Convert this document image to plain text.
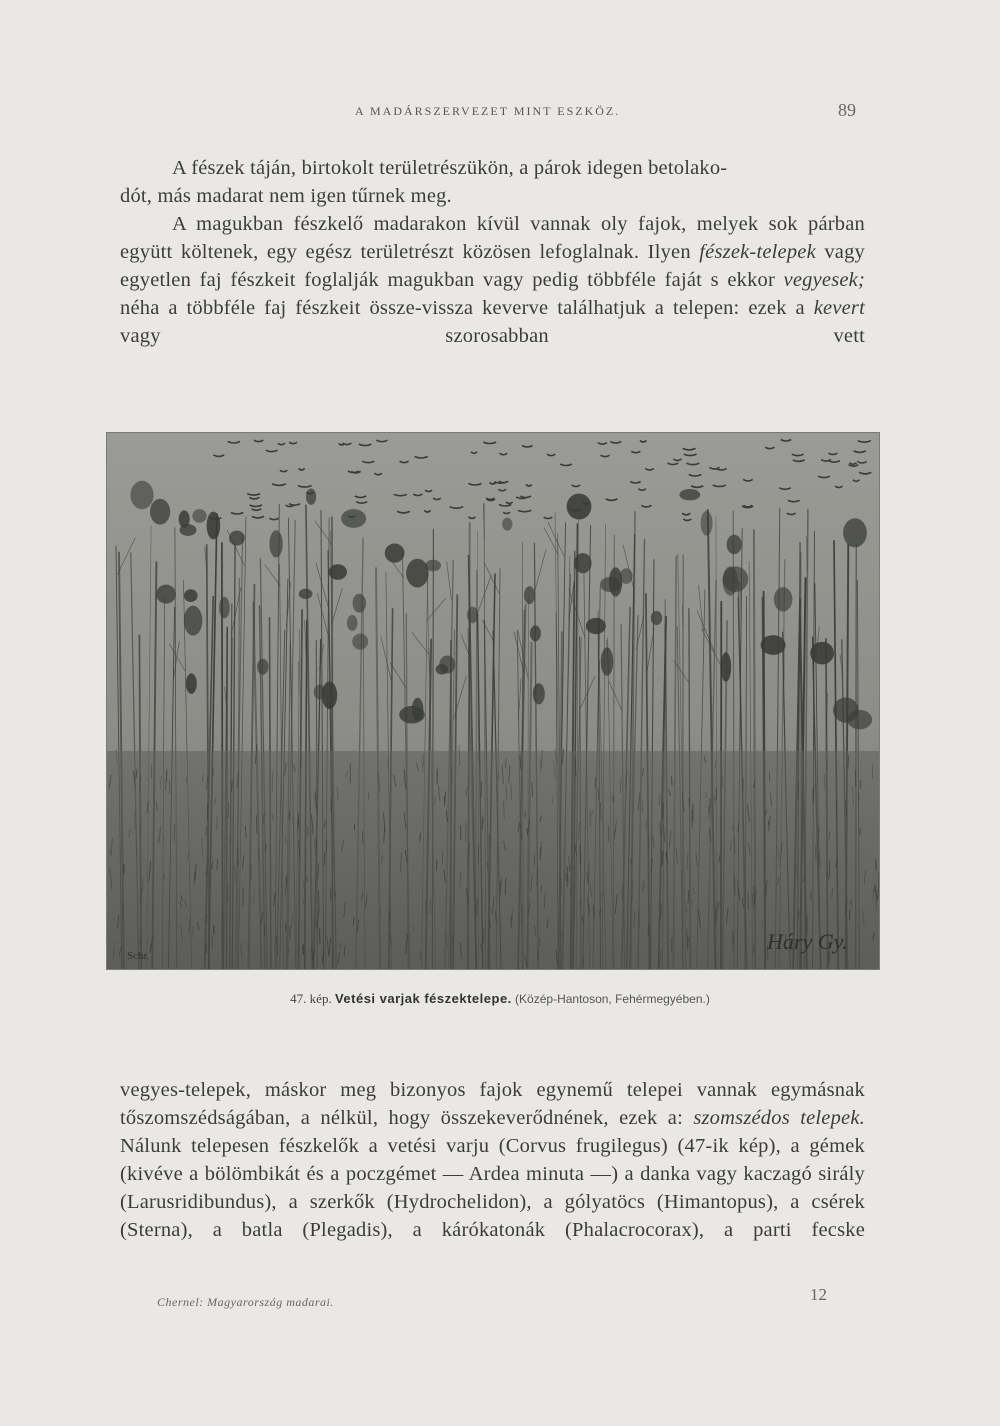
A MADÁRSZERVEZET MINT ESZKÖZ.	89

A fészek táján, birtokolt területrészükön, a párok idegen betolako-
dót, más madarat nem igen tűrnek meg.

A magukban fészkelő madarakon kívül vannak oly fajok, melyek sok párban együtt költenek, egy egész területrészt közösen lefoglalnak. Ilyen fészek-telepek vagy egyetlen faj fészkeit foglalják magukban vagy pedig többféle faját s ekkor vegyesek; néha a többféle faj fészkeit össze-vissza keverve találhatjuk a telepen: ezek a kevert vagy szorosabban vett

Háry Gy.
Schr.
47. kép. Vetési varjak fészektelepe. (Közép-Hantoson, Fehérmegyében.)

vegyes-telepek, máskor meg bizonyos fajok egynemű telepei vannak egymásnak tőszomszédságában, a nélkül, hogy összekeverődnének, ezek a: szomszédos telepek. Nálunk telepesen fészkelők a vetési varju (Corvus frugilegus) (47-ik kép), a gémek (kivéve a bölömbikát és a poczgémet — Ardea minuta —) a danka vagy kaczagó sirály (Larusridibundus), a szerkők (Hydrochelidon), a gólyatöcs (Himantopus), a csérek (Sterna), a batla (Plegadis), a kárókatonák (Phalacrocorax), a parti fecske

Chernel: Magyarország madarai.	12
